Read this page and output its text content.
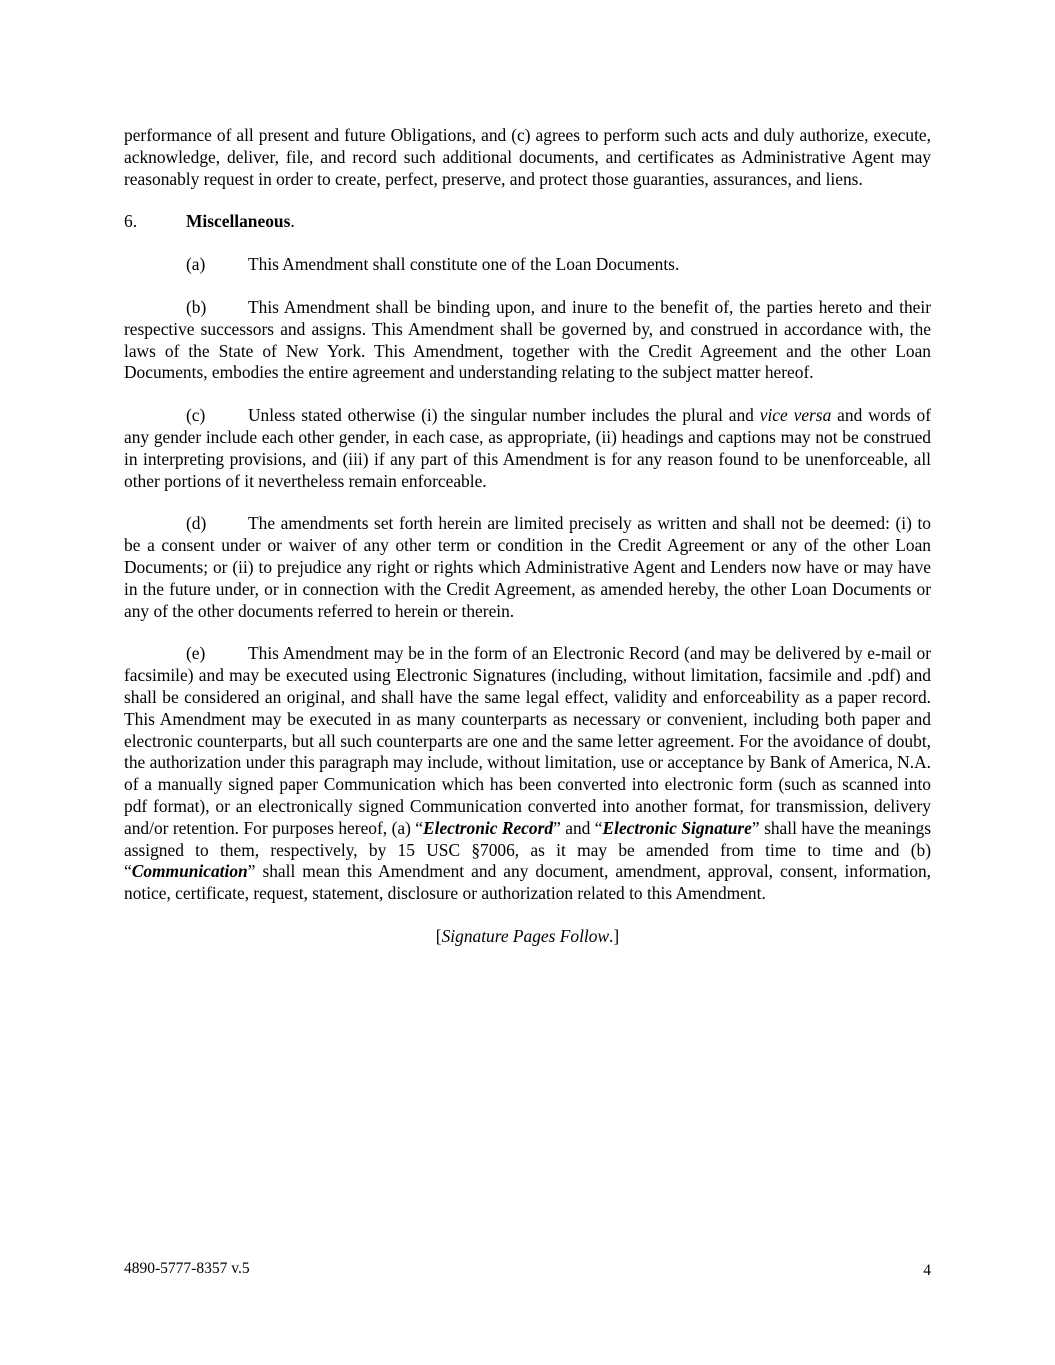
performance of all present and future Obligations, and (c) agrees to perform such acts and duly authorize, execute, acknowledge, deliver, file, and record such additional documents, and certificates as Administrative Agent may reasonably request in order to create, perfect, preserve, and protect those guaranties, assurances, and liens.

6.	Miscellaneous.

(a) This Amendment shall constitute one of the Loan Documents.

(b) This Amendment shall be binding upon, and inure to the benefit of, the parties hereto and their respective successors and assigns. This Amendment shall be governed by, and construed in accordance with, the laws of the State of New York. This Amendment, together with the Credit Agreement and the other Loan Documents, embodies the entire agreement and understanding relating to the subject matter hereof.

(c) Unless stated otherwise (i) the singular number includes the plural and vice versa and words of any gender include each other gender, in each case, as appropriate, (ii) headings and captions may not be construed in interpreting provisions, and (iii) if any part of this Amendment is for any reason found to be unenforceable, all other portions of it nevertheless remain enforceable.

(d) The amendments set forth herein are limited precisely as written and shall not be deemed: (i) to be a consent under or waiver of any other term or condition in the Credit Agreement or any of the other Loan Documents; or (ii) to prejudice any right or rights which Administrative Agent and Lenders now have or may have in the future under, or in connection with the Credit Agreement, as amended hereby, the other Loan Documents or any of the other documents referred to herein or therein.

(e) This Amendment may be in the form of an Electronic Record (and may be delivered by e-mail or facsimile) and may be executed using Electronic Signatures (including, without limitation, facsimile and .pdf) and shall be considered an original, and shall have the same legal effect, validity and enforceability as a paper record. This Amendment may be executed in as many counterparts as necessary or convenient, including both paper and electronic counterparts, but all such counterparts are one and the same letter agreement. For the avoidance of doubt, the authorization under this paragraph may include, without limitation, use or acceptance by Bank of America, N.A. of a manually signed paper Communication which has been converted into electronic form (such as scanned into pdf format), or an electronically signed Communication converted into another format, for transmission, delivery and/or retention. For purposes hereof, (a) “Electronic Record” and “Electronic Signature” shall have the meanings assigned to them, respectively, by 15 USC §7006, as it may be amended from time to time and (b) “Communication” shall mean this Amendment and any document, amendment, approval, consent, information, notice, certificate, request, statement, disclosure or authorization related to this Amendment.

[Signature Pages Follow.]

4890-5777-8357 v.5	4
